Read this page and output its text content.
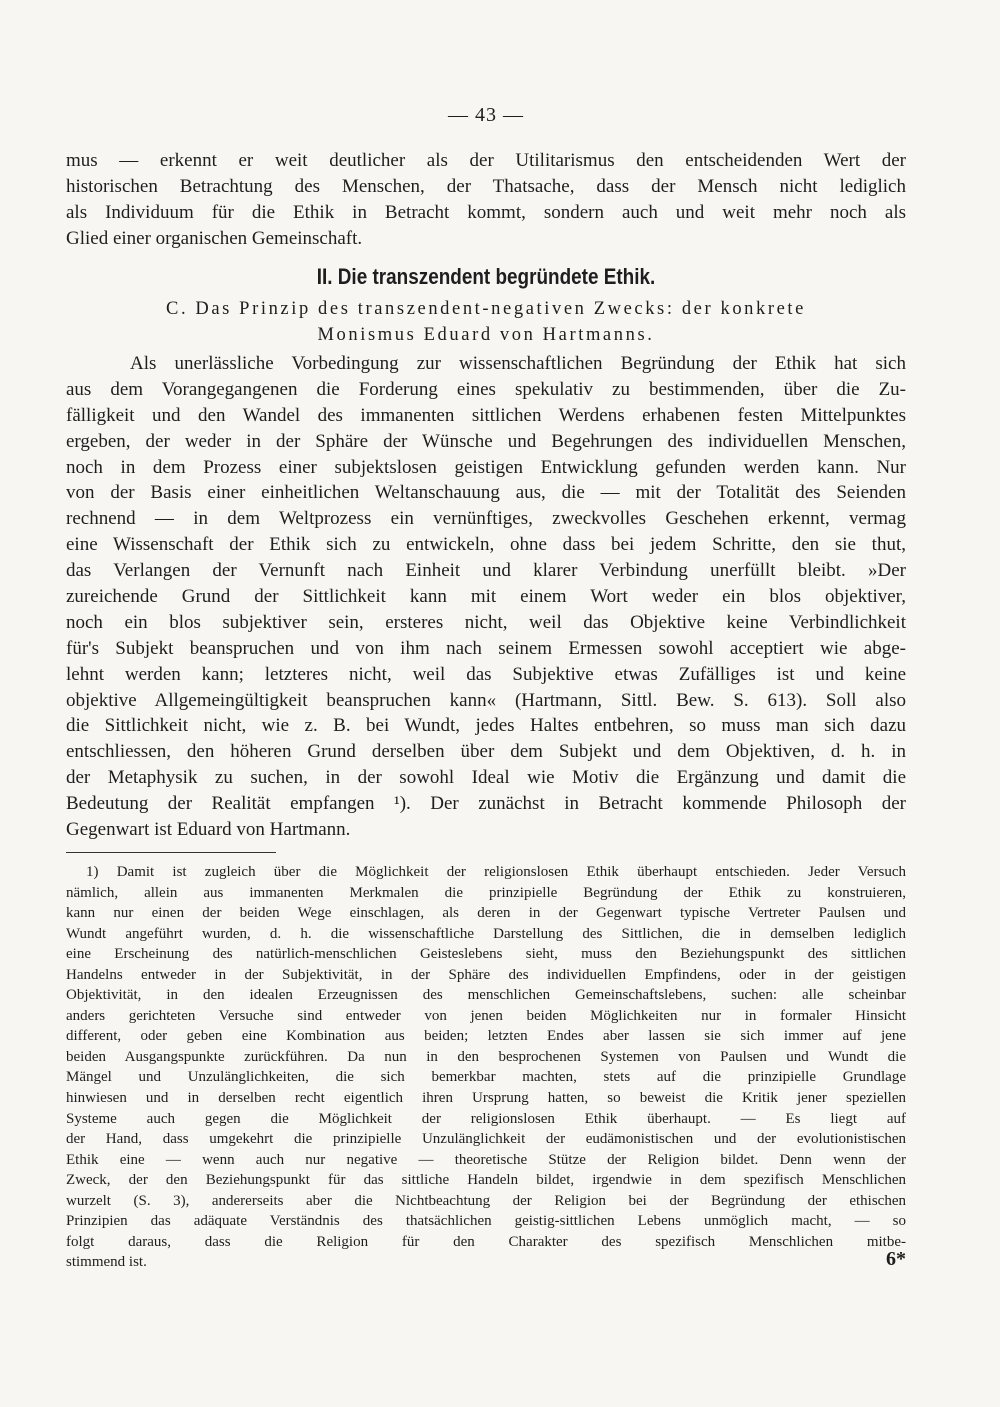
— 43 —
mus — erkennt er weit deutlicher als der Utilitarismus den entscheidenden Wert der
historischen Betrachtung des Menschen, der Thatsache, dass der Mensch nicht lediglich
als Individuum für die Ethik in Betracht kommt, sondern auch und weit mehr noch als
Glied einer organischen Gemeinschaft.
II. Die transzendent begründete Ethik.
C. Das Prinzip des transzendent-negativen Zwecks: der konkrete
Monismus Eduard von Hartmanns.
Als unerlässliche Vorbedingung zur wissenschaftlichen Begründung der Ethik hat sich
aus dem Vorangegangenen die Forderung eines spekulativ zu bestimmenden, über die Zu-
fälligkeit und den Wandel des immanenten sittlichen Werdens erhabenen festen Mittelpunktes
ergeben, der weder in der Sphäre der Wünsche und Begehrungen des individuellen Menschen,
noch in dem Prozess einer subjektslosen geistigen Entwicklung gefunden werden kann. Nur
von der Basis einer einheitlichen Weltanschauung aus, die — mit der Totalität des Seienden
rechnend — in dem Weltprozess ein vernünftiges, zweckvolles Geschehen erkennt, vermag
eine Wissenschaft der Ethik sich zu entwickeln, ohne dass bei jedem Schritte, den sie thut,
das Verlangen der Vernunft nach Einheit und klarer Verbindung unerfüllt bleibt. »Der
zureichende Grund der Sittlichkeit kann mit einem Wort weder ein blos objektiver,
noch ein blos subjektiver sein, ersteres nicht, weil das Objektive keine Verbindlichkeit
für's Subjekt beanspruchen und von ihm nach seinem Ermessen sowohl acceptiert wie abge-
lehnt werden kann; letzteres nicht, weil das Subjektive etwas Zufälliges ist und keine
objektive Allgemeingültigkeit beanspruchen kann« (Hartmann, Sittl. Bew. S. 613). Soll also
die Sittlichkeit nicht, wie z. B. bei Wundt, jedes Haltes entbehren, so muss man sich dazu
entschliessen, den höheren Grund derselben über dem Subjekt und dem Objektiven, d. h. in
der Metaphysik zu suchen, in der sowohl Ideal wie Motiv die Ergänzung und damit die
Bedeutung der Realität empfangen ¹). Der zunächst in Betracht kommende Philosoph der
Gegenwart ist Eduard von Hartmann.
1) Damit ist zugleich über die Möglichkeit der religionslosen Ethik überhaupt entschieden. Jeder Versuch
nämlich, allein aus immanenten Merkmalen die prinzipielle Begründung der Ethik zu konstruieren,
kann nur einen der beiden Wege einschlagen, als deren in der Gegenwart typische Vertreter Paulsen und
Wundt angeführt wurden, d. h. die wissenschaftliche Darstellung des Sittlichen, die in demselben lediglich
eine Erscheinung des natürlich-menschlichen Geisteslebens sieht, muss den Beziehungspunkt des sittlichen
Handelns entweder in der Subjektivität, in der Sphäre des individuellen Empfindens, oder in der geistigen
Objektivität, in den idealen Erzeugnissen des menschlichen Gemeinschaftslebens, suchen: alle scheinbar
anders gerichteten Versuche sind entweder von jenen beiden Möglichkeiten nur in formaler Hinsicht
different, oder geben eine Kombination aus beiden; letzten Endes aber lassen sie sich immer auf jene
beiden Ausgangspunkte zurückführen. Da nun in den besprochenen Systemen von Paulsen und Wundt die
Mängel und Unzulänglichkeiten, die sich bemerkbar machten, stets auf die prinzipielle Grundlage
hinwiesen und in derselben recht eigentlich ihren Ursprung hatten, so beweist die Kritik jener speziellen
Systeme auch gegen die Möglichkeit der religionslosen Ethik überhaupt. — Es liegt auf
der Hand, dass umgekehrt die prinzipielle Unzulänglichkeit der eudämonistischen und der evolutionistischen
Ethik eine — wenn auch nur negative — theoretische Stütze der Religion bildet. Denn wenn der
Zweck, der den Beziehungspunkt für das sittliche Handeln bildet, irgendwie in dem spezifisch Menschlichen
wurzelt (S. 3), andererseits aber die Nichtbeachtung der Religion bei der Begründung der ethischen
Prinzipien das adäquate Verständnis des thatsächlichen geistig-sittlichen Lebens unmöglich macht, — so
folgt daraus, dass die Religion für den Charakter des spezifisch Menschlichen mitbe-
stimmend ist.	6*
